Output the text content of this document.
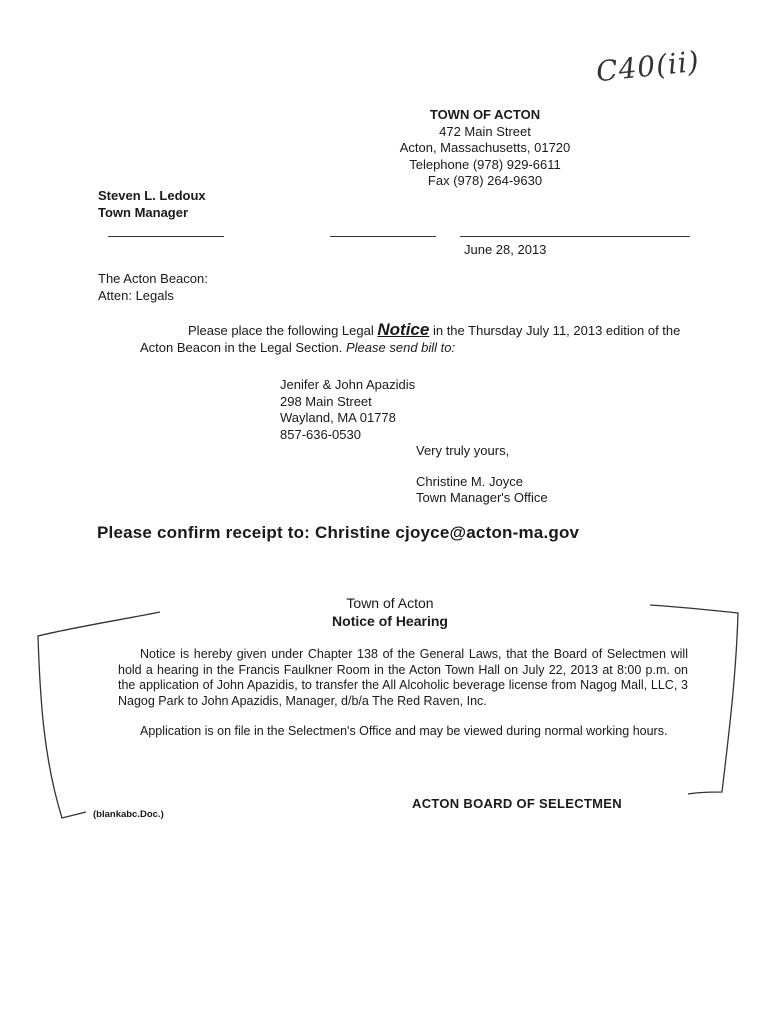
C40(ii)
TOWN OF ACTON
472 Main Street
Acton, Massachusetts, 01720
Telephone (978) 929-6611
Fax (978) 264-9630
Steven L. Ledoux
Town Manager
June 28, 2013
The Acton Beacon:
Atten: Legals
Please place the following Legal Notice in the Thursday July 11, 2013 edition of the Acton Beacon in the Legal Section. Please send bill to:
Jenifer & John Apazidis
298 Main Street
Wayland, MA 01778
857-636-0530
Very truly yours,
Christine M. Joyce
Town Manager's Office
Please confirm receipt to: Christine cjoyce@acton-ma.gov
Town of Acton
Notice of Hearing

Notice is hereby given under Chapter 138 of the General Laws, that the Board of Selectmen will hold a hearing in the Francis Faulkner Room in the Acton Town Hall on July 22, 2013 at 8:00 p.m. on the application of John Apazidis, to transfer the All Alcoholic beverage license from Nagog Mall, LLC, 3 Nagog Park to John Apazidis, Manager, d/b/a The Red Raven, Inc.

Application is on file in the Selectmen's Office and may be viewed during normal working hours.

ACTON BOARD OF SELECTMEN
(blankabc.Doc.)
